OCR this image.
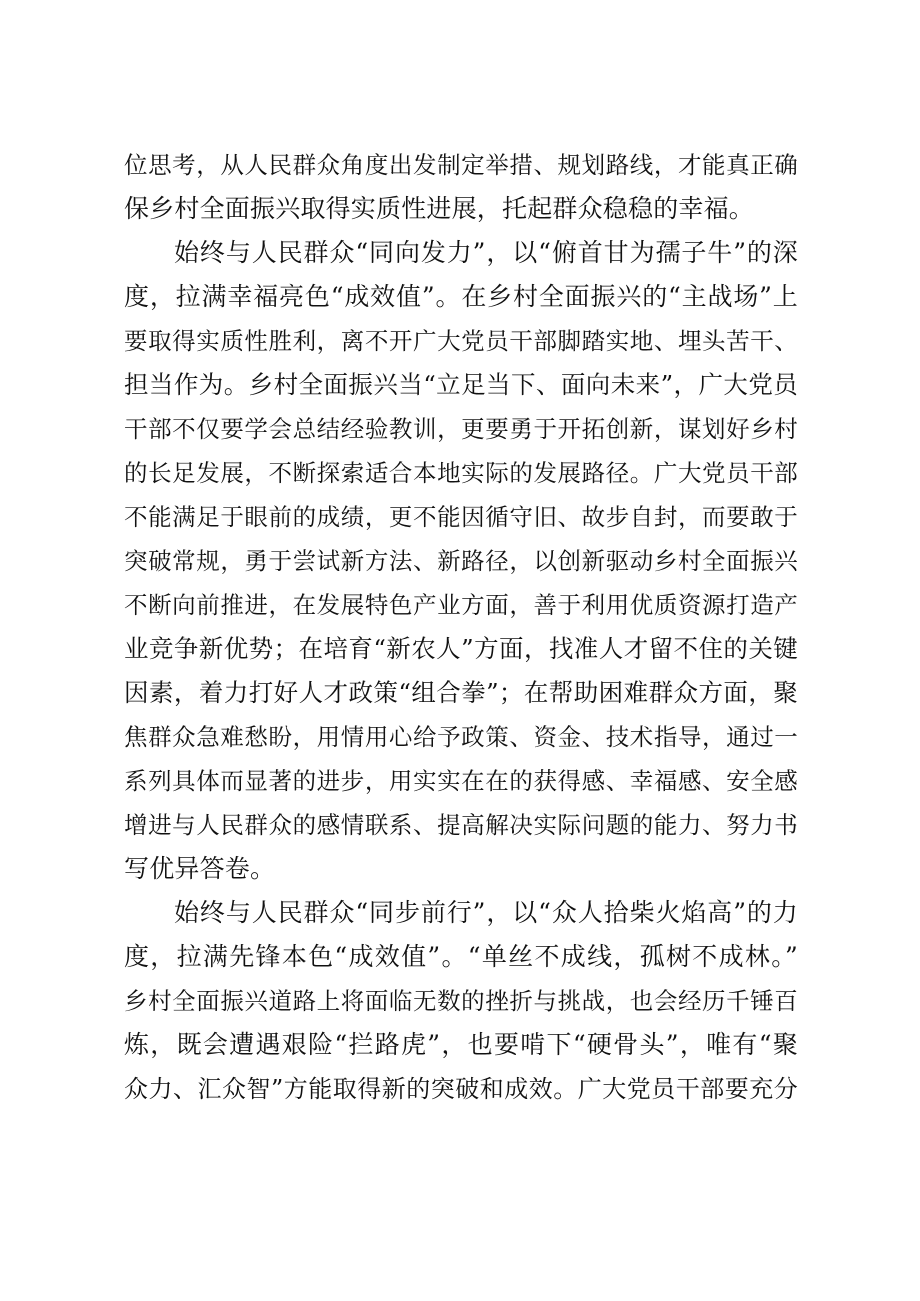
位思考，从人民群众角度出发制定举措、规划路线，才能真正确
保乡村全面振兴取得实质性进展，托起群众稳稳的幸福。
始终与人民群众“同向发力”，以“俯首甘为孺子牛”的深
度，拉满幸福亮色“成效值”。在乡村全面振兴的“主战场”上
要取得实质性胜利，离不开广大党员干部脚踏实地、埋头苦干、
担当作为。乡村全面振兴当“立足当下、面向未来”，广大党员
干部不仅要学会总结经验教训，更要勇于开拓创新，谋划好乡村
的长足发展，不断探索适合本地实际的发展路径。广大党员干部
不能满足于眼前的成绩，更不能因循守旧、故步自封，而要敢于
突破常规，勇于尝试新方法、新路径，以创新驱动乡村全面振兴
不断向前推进，在发展特色产业方面，善于利用优质资源打造产
业竞争新优势；在培育“新农人”方面，找准人才留不住的关键
因素，着力打好人才政策“组合拳”；在帮助困难群众方面，聚
焦群众急难愁盼，用情用心给予政策、资金、技术指导，通过一
系列具体而显著的进步，用实实在在的获得感、幸福感、安全感
增进与人民群众的感情联系、提高解决实际问题的能力、努力书
写优异答卷。
始终与人民群众“同步前行”，以“众人拾柴火焰高”的力
度，拉满先锋本色“成效值”。“单丝不成线，孤树不成林。”
乡村全面振兴道路上将面临无数的挫折与挑战，也会经历千锤百
炼，既会遭遇艰险“拦路虎”，也要啃下“硬骨头”，唯有“聚
众力、汇众智”方能取得新的突破和成效。广大党员干部要充分
